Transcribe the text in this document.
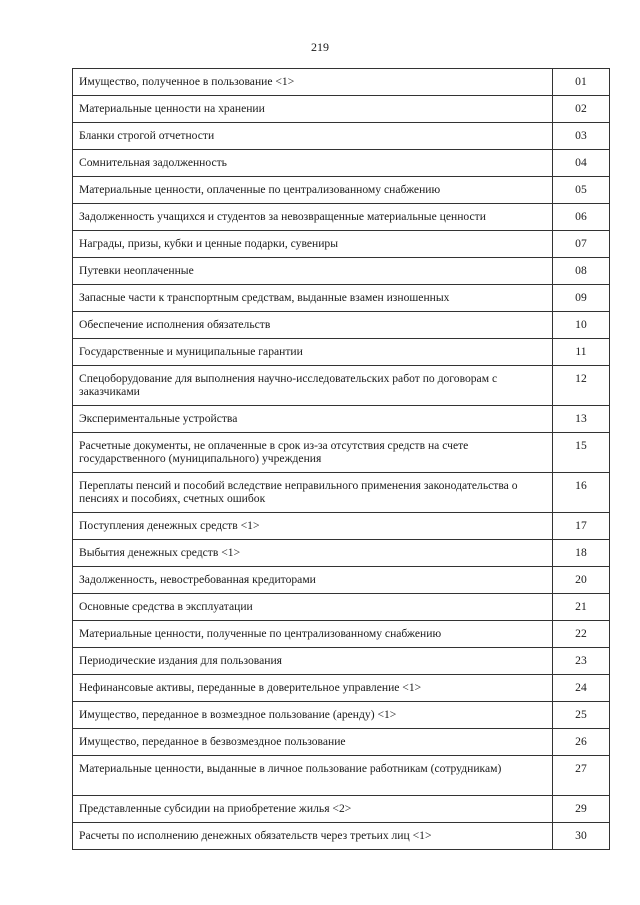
219
Имущество, полученное в пользование <1>	01
Материальные ценности на хранении	02
Бланки строгой отчетности	03
Сомнительная задолженность	04
Материальные ценности, оплаченные по централизованному снабжению	05
Задолженность учащихся и студентов за невозвращенные материальные ценности	06
Награды, призы, кубки и ценные подарки, сувениры	07
Путевки неоплаченные	08
Запасные части к транспортным средствам, выданные взамен изношенных	09
Обеспечение исполнения обязательств	10
Государственные и муниципальные гарантии	11
Спецоборудование для выполнения научно-исследовательских работ по договорам с заказчиками	12
Экспериментальные устройства	13
Расчетные документы, не оплаченные в срок из-за отсутствия средств на счете государственного (муниципального) учреждения	15
Переплаты пенсий и пособий вследствие неправильного применения законодательства о пенсиях и пособиях, счетных ошибок	16
Поступления денежных средств <1>	17
Выбытия денежных средств <1>	18
Задолженность, невостребованная кредиторами	20
Основные средства в эксплуатации	21
Материальные ценности, полученные по централизованному снабжению	22
Периодические издания для пользования	23
Нефинансовые активы, переданные в доверительное управление <1>	24
Имущество, переданное в возмездное пользование (аренду) <1>	25
Имущество, переданное в безвозмездное пользование	26
Материальные ценности, выданные в личное пользование работникам (сотрудникам)	27
Представленные субсидии на приобретение жилья <2>	29
Расчеты по исполнению денежных обязательств через третьих лиц <1>	30
